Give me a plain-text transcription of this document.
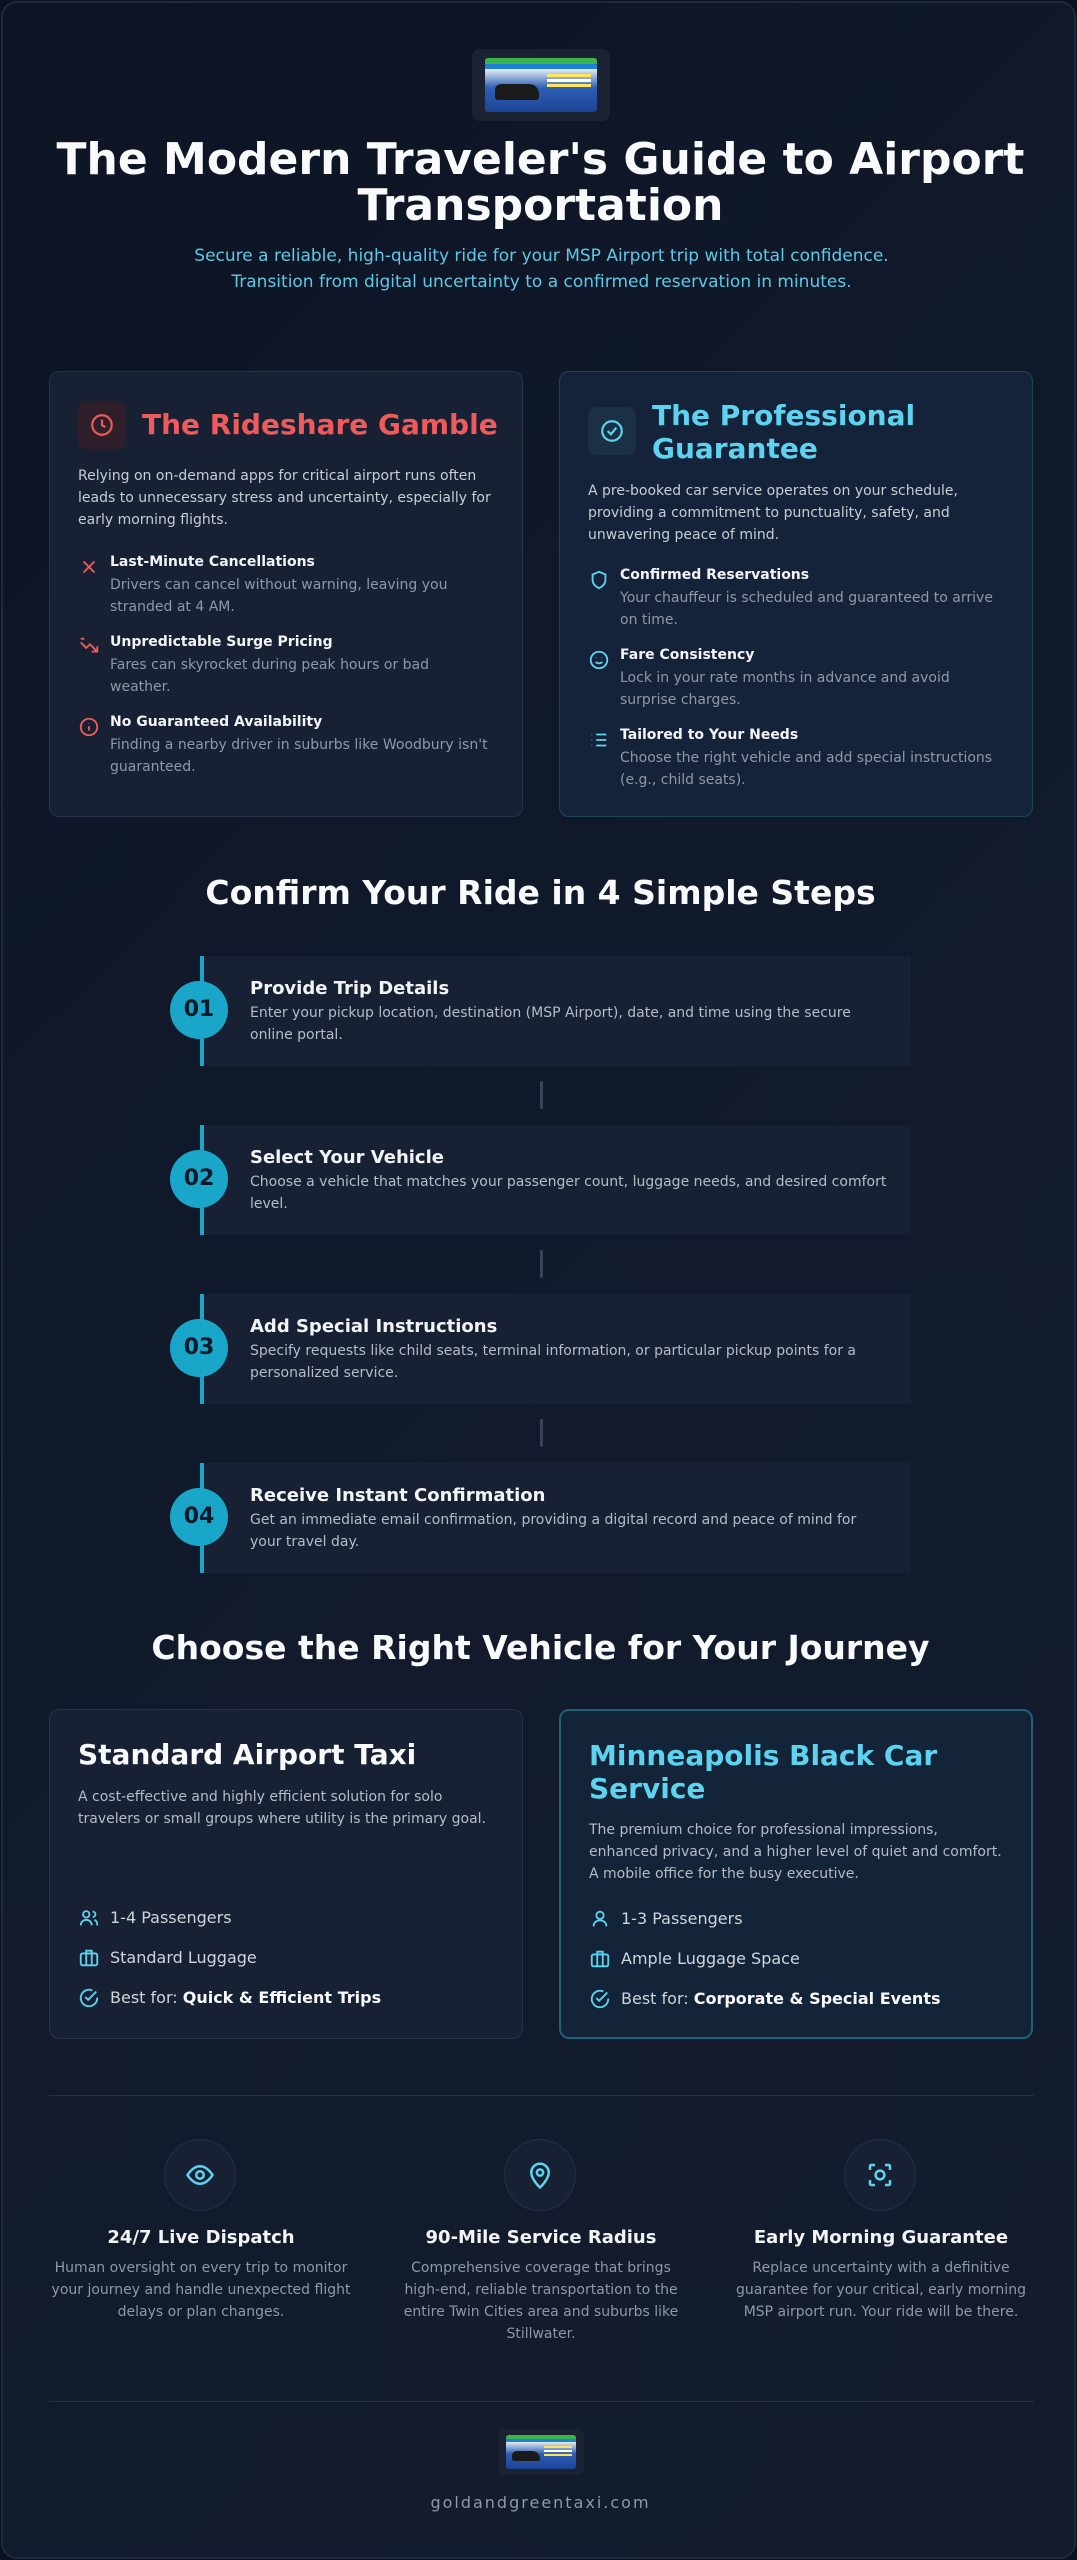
The Modern Traveler's Guide to Airport Transportation
Secure a reliable, high-quality ride for your MSP Airport trip with total confidence.
Transition from digital uncertainty to a confirmed reservation in minutes.
The Rideshare Gamble
Relying on on-demand apps for critical airport runs often leads to unnecessary stress and uncertainty, especially for early morning flights.
Last-Minute Cancellations
Drivers can cancel without warning, leaving you stranded at 4 AM.
Unpredictable Surge Pricing
Fares can skyrocket during peak hours or bad weather.
No Guaranteed Availability
Finding a nearby driver in suburbs like Woodbury isn't guaranteed.
The Professional
Guarantee
A pre-booked car service operates on your schedule, providing a commitment to punctuality, safety, and unwavering peace of mind.
Confirmed Reservations
Your chauffeur is scheduled and guaranteed to arrive on time.
Fare Consistency
Lock in your rate months in advance and avoid surprise charges.
Tailored to Your Needs
Choose the right vehicle and add special instructions (e.g., child seats).
Confirm Your Ride in 4 Simple Steps
01
Provide Trip Details
Enter your pickup location, destination (MSP Airport), date, and time using the secure online portal.
02
Select Your Vehicle
Choose a vehicle that matches your passenger count, luggage needs, and desired comfort level.
03
Add Special Instructions
Specify requests like child seats, terminal information, or particular pickup points for a personalized service.
04
Receive Instant Confirmation
Get an immediate email confirmation, providing a digital record and peace of mind for your travel day.
Choose the Right Vehicle for Your Journey
Standard Airport Taxi
A cost-effective and highly efficient solution for solo travelers or small groups where utility is the primary goal.
1-4 Passengers
Standard Luggage
Best for: Quick & Efficient Trips
Minneapolis Black Car
Service
The premium choice for professional impressions, enhanced privacy, and a higher level of quiet and comfort. A mobile office for the busy executive.
1-3 Passengers
Ample Luggage Space
Best for: Corporate & Special Events
24/7 Live Dispatch
Human oversight on every trip to monitor your journey and handle unexpected flight delays or plan changes.
90-Mile Service Radius
Comprehensive coverage that brings high-end, reliable transportation to the entire Twin Cities area and suburbs like Stillwater.
Early Morning Guarantee
Replace uncertainty with a definitive guarantee for your critical, early morning MSP airport run. Your ride will be there.
goldandgreentaxi.com
